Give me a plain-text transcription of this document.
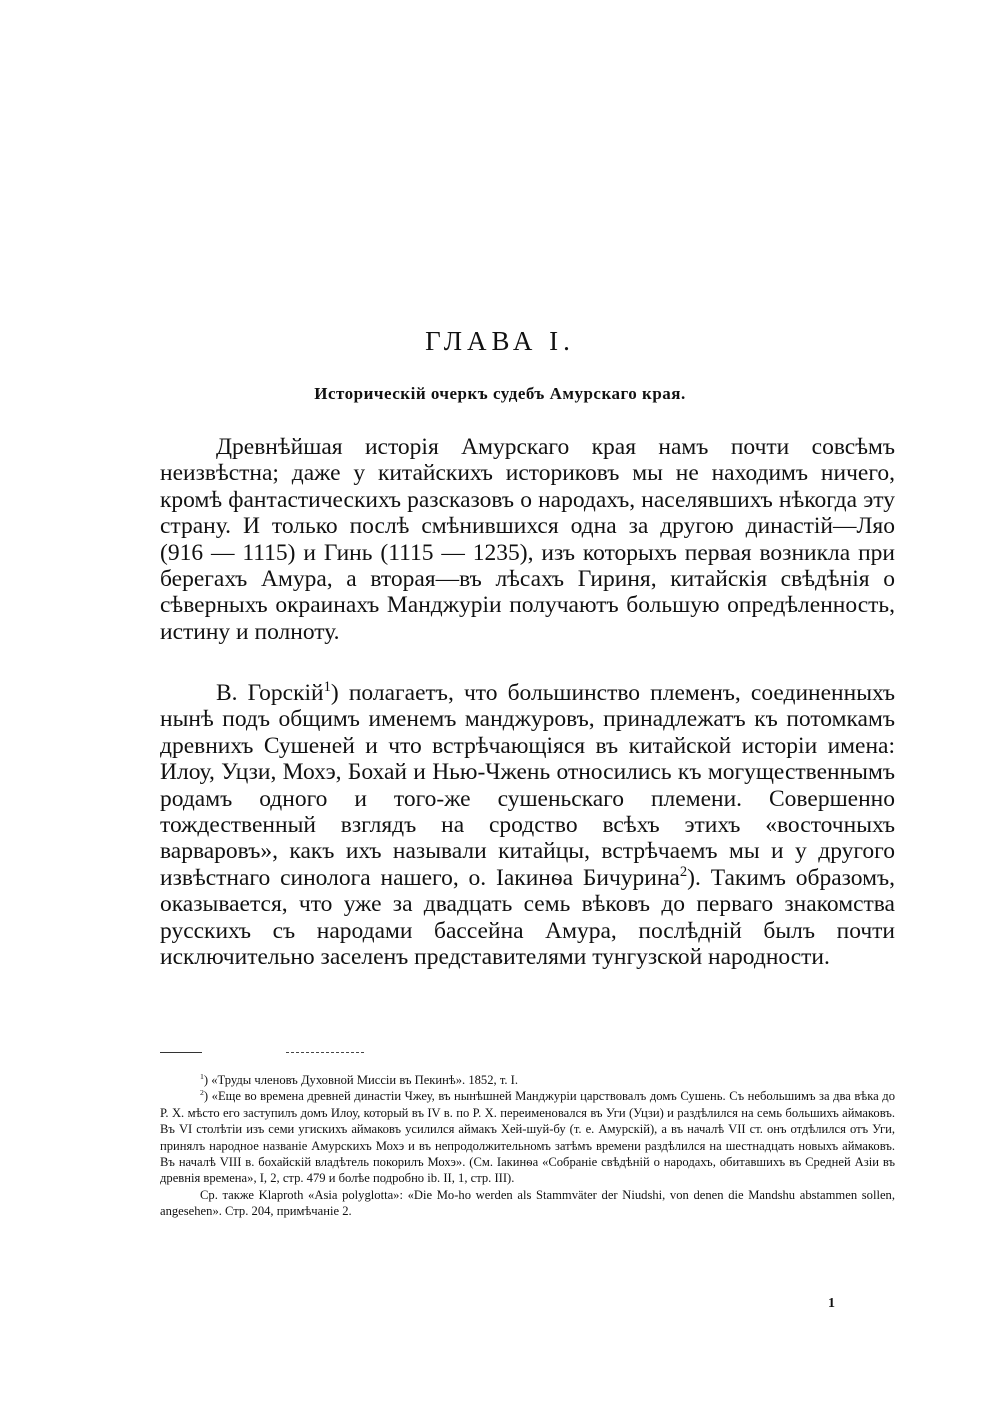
ГЛАВА I.
Историческій очеркъ судебъ Амурскаго края.

Древнѣйшая исторія Амурскаго края намъ почти совсѣмъ неизвѣстна; даже у китайскихъ историковъ мы не находимъ ничего, кромѣ фантастическихъ разсказовъ о народахъ, населявшихъ нѣкогда эту страну. И только послѣ смѣнившихся одна за другою династій—Ляо (916 — 1115) и Гинь (1115 — 1235), изъ которыхъ первая возникла при берегахъ Амура, а вторая—въ лѣсахъ Гириня, китайскія свѣдѣнія о сѣверныхъ окраинахъ Манджуріи получаютъ большую опредѣленность, истину и полноту.

В. Горскій$^1$) полагаетъ, что большинство племенъ, соединенныхъ нынѣ подъ общимъ именемъ манджуровъ, принадлежатъ къ потомкамъ древнихъ Сушеней и что встрѣчающіяся въ китайской исторіи имена: Илоу, Уцзи, Мохэ, Бохай и Нью-Чжень относились къ могущественнымъ родамъ одного и того-же сушеньскаго племени. Совершенно тождественный взглядъ на сродство всѣхъ этихъ «восточныхъ варваровъ», какъ ихъ называли китайцы, встрѣчаемъ мы и у другого извѣстнаго синолога нашего, о. Іакинѳа Бичурина$^2$). Такимъ образомъ, оказывается, что уже за двадцать семь вѣковъ до перваго знакомства русскихъ съ народами бассейна Амура, послѣдній былъ почти исключительно заселенъ представителями тунгузской народности.

$^1$) «Труды членовъ Духовной Миссіи въ Пекинѣ». 1852, т. I.

$^2$) «Еще во времена древней династіи Чжеу, въ нынѣшней Манджуріи царствовалъ домъ Сушень. Съ небольшимъ за два вѣка до Р. Х. мѣсто его заступилъ домъ Илоу, который въ IV в. по Р. Х. переименовался въ Уги (Уцзи) и раздѣлился на семь большихъ аймаковъ. Въ VI столѣтіи изъ семи угискихъ аймаковъ усилился аймакъ Хей-шуй-бу (т. е. Амурскій), а въ началѣ VII ст. онъ отдѣлился отъ Уги, принялъ народное названіе Амурскихъ Мохэ и въ непродолжительномъ затѣмъ времени раздѣлился на шестнадцать новыхъ аймаковъ. Въ началѣ VIII в. бохайскій владѣтель покорилъ Мохэ». (См. Іакинѳа «Собраніе свѣдѣній о народахъ, обитавшихъ въ Средней Азіи въ древнія времена», I, 2, стр. 479 и болѣе подробно ib. II, 1, стр. III).

Ср. также Klaproth «Asia polyglotta»: «Die Mo-ho werden als Stammväter der Niudshi, von denen die Mandshu abstammen sollen, angesehen». Стр. 204, примѣчаніе 2.

1
